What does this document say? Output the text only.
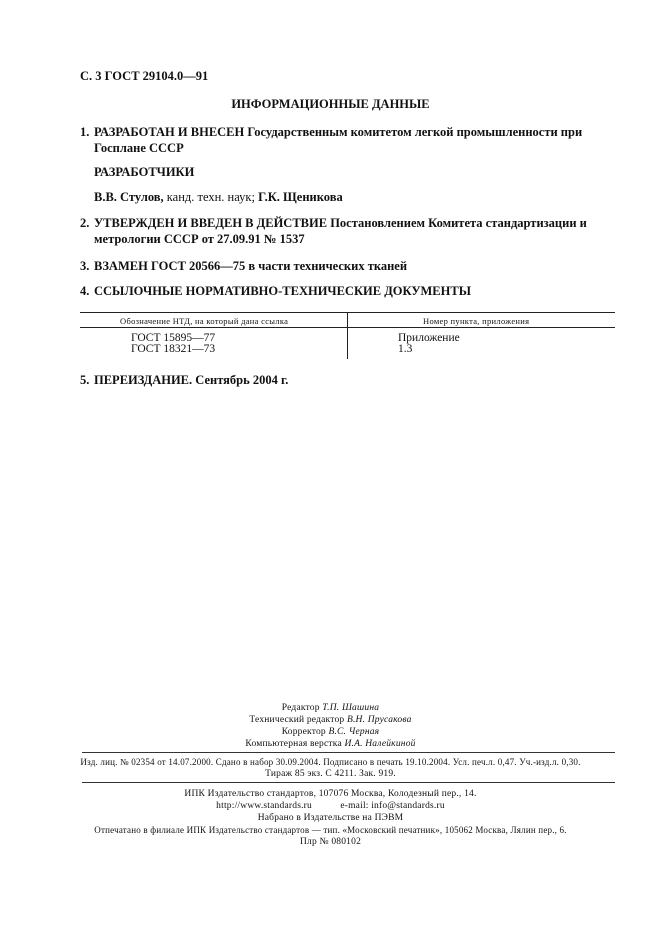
С. 3 ГОСТ 29104.0—91
ИНФОРМАЦИОННЫЕ ДАННЫЕ
1. РАЗРАБОТАН И ВНЕСЕН Государственным комитетом легкой промышленности при Госплане СССР
РАЗРАБОТЧИКИ
В.В. Стулов, канд. техн. наук; Г.К. Щеникова
2. УТВЕРЖДЕН И ВВЕДЕН В ДЕЙСТВИЕ Постановлением Комитета стандартизации и метрологии СССР от 27.09.91 № 1537
3. ВЗАМЕН ГОСТ 20566—75 в части технических тканей
4. ССЫЛОЧНЫЕ НОРМАТИВНО-ТЕХНИЧЕСКИЕ ДОКУМЕНТЫ
Обозначение НТД, на который дана ссылка	Номер пункта, приложения
ГОСТ 15895—77	Приложение
ГОСТ 18321—73	1.3
5. ПЕРЕИЗДАНИЕ. Сентябрь 2004 г.
Редактор Т.П. Шашина
Технический редактор В.Н. Прусакова
Корректор В.С. Черная
Компьютерная верстка И.А. Налейкиной
Изд. лиц. № 02354 от 14.07.2000. Сдано в набор 30.09.2004. Подписано в печать 19.10.2004. Усл. печ.л. 0,47. Уч.-изд.л. 0,30.
Тираж 85 экз. С 4211. Зак. 919.
ИПК Издательство стандартов, 107076 Москва, Колодезный пер., 14.
http://www.standards.ru	e-mail: info@standards.ru
Набрано в Издательстве на ПЭВМ
Отпечатано в филиале ИПК Издательство стандартов — тип. «Московский печатник», 105062 Москва, Лялин пер., 6.
Плр № 080102
